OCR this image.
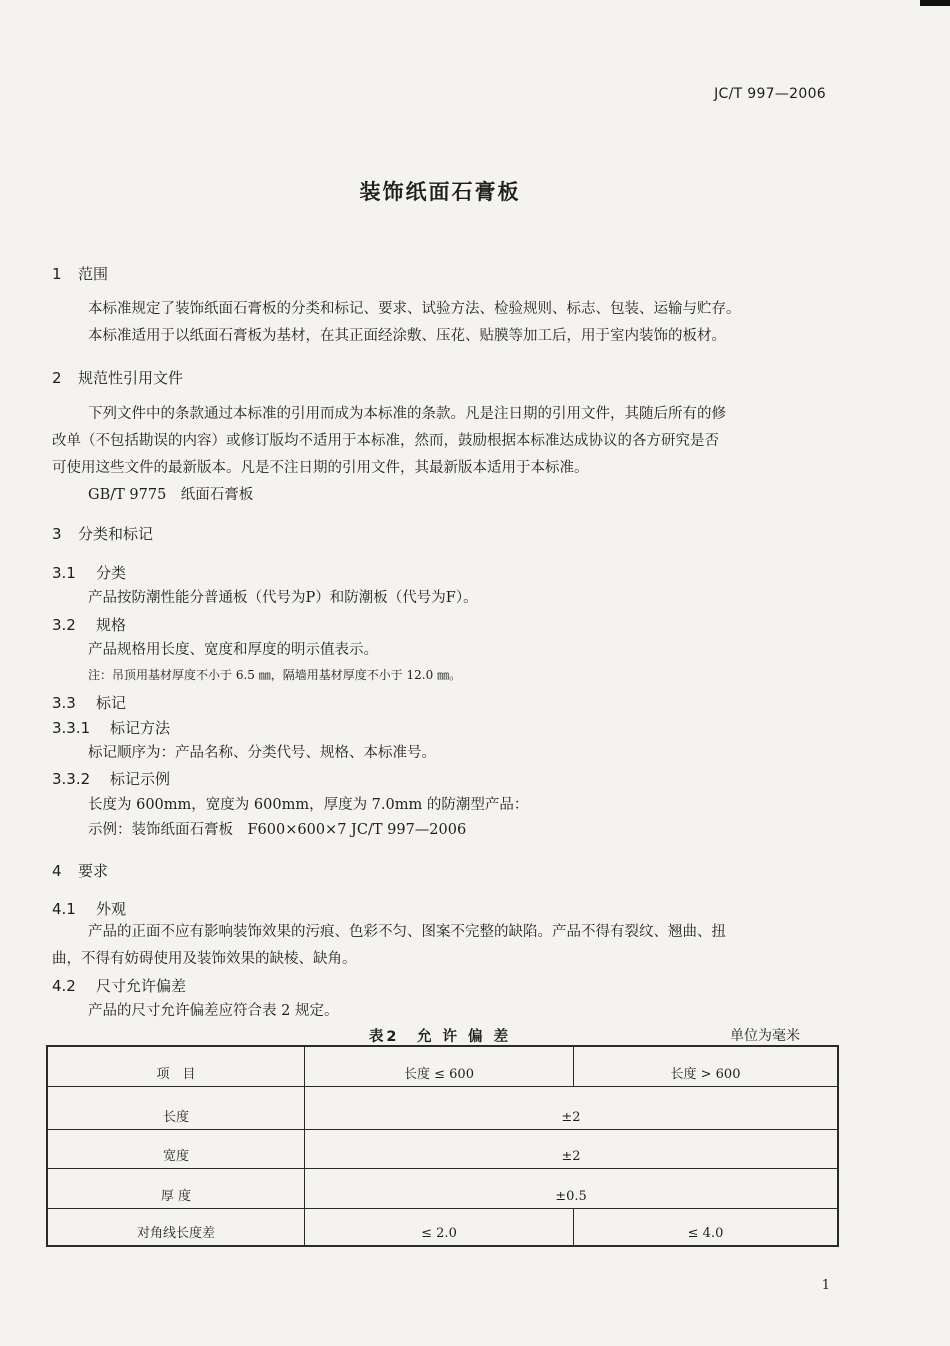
JC/T 997—2006
装饰纸面石膏板
1 范围
本标准规定了装饰纸面石膏板的分类和标记、要求、试验方法、检验规则、标志、包装、运输与贮存。
本标准适用于以纸面石膏板为基材，在其正面经涂敷、压花、贴膜等加工后，用于室内装饰的板材。
2 规范性引用文件
下列文件中的条款通过本标准的引用而成为本标准的条款。凡是注日期的引用文件，其随后所有的修
改单（不包括勘误的内容）或修订版均不适用于本标准，然而，鼓励根据本标准达成协议的各方研究是否
可使用这些文件的最新版本。凡是不注日期的引用文件，其最新版本适用于本标准。
GB/T 9775　纸面石膏板
3 分类和标记
3.1 分类
产品按防潮性能分普通板（代号为P）和防潮板（代号为F）。
3.2 规格
产品规格用长度、宽度和厚度的明示值表示。
注：吊顶用基材厚度不小于 6.5 ㎜，隔墙用基材厚度不小于 12.0 ㎜。
3.3 标记
3.3.1 标记方法
标记顺序为：产品名称、分类代号、规格、本标准号。
3.3.2 标记示例
长度为 600mm，宽度为 600mm，厚度为 7.0mm 的防潮型产品：
示例：装饰纸面石膏板　F600×600×7 JC/T 997—2006
4 要求
4.1 外观
产品的正面不应有影响装饰效果的污痕、色彩不匀、图案不完整的缺陷。产品不得有裂纹、翘曲、扭
曲，不得有妨碍使用及装饰效果的缺棱、缺角。
4.2 尺寸允许偏差
产品的尺寸允许偏差应符合表 2 规定。
表2　允 许 偏 差	单位为毫米
项　目	长度 ≤ 600	长度 > 600
长度	±2	
宽度	±2	
厚 度	±0.5	
对角线长度差	≤ 2.0	≤ 4.0
1
